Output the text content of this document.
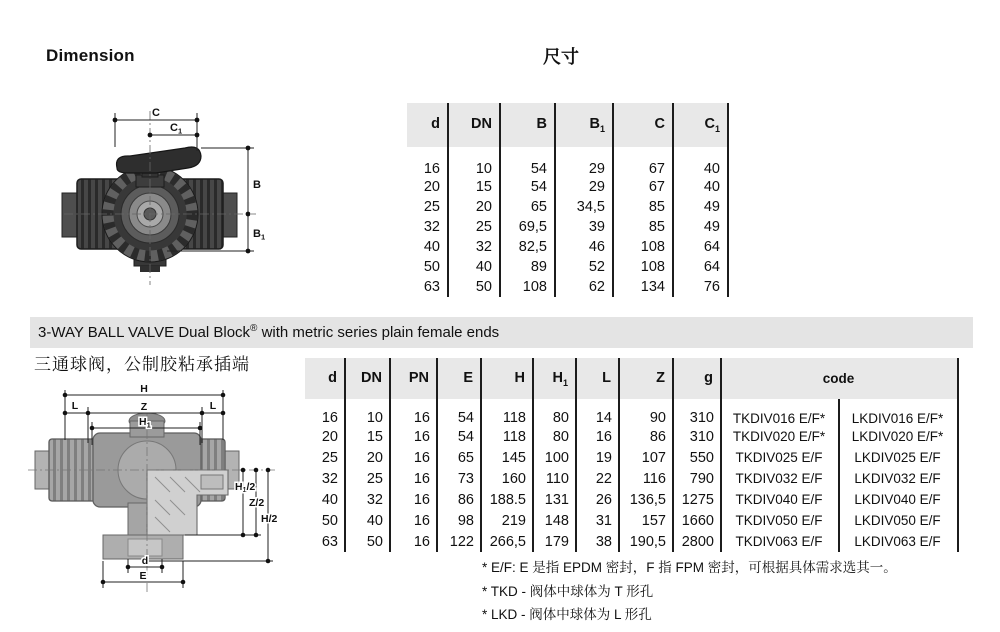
Dimension	尺寸
C
$C_1$
B
$B_1$
d	DN	B	$B_1$	C	$C_1$
16	10	54	29	67	40
20	15	54	29	67	40
25	20	65	34,5	85	49
32	25	69,5	39	85	49
40	32	82,5	46	108	64
50	40	89	52	108	64
63	50	108	62	134	76
3-WAY BALL VALVE Dual Block® with metric series plain female ends
三通球阀，公制胶粘承插端
H
Z
L	L
$H_1$
H1/2
Z/2
H/2
d
E
d	DN	PN	E	H	$H_1$	L	Z	g	code	
16	10	16	54	118	80	14	90	310	TKDIV016 E/F*	LKDIV016 E/F*
20	15	16	54	118	80	16	86	310	TKDIV020 E/F*	LKDIV020 E/F*
25	20	16	65	145	100	19	107	550	TKDIV025 E/F	LKDIV025 E/F
32	25	16	73	160	110	22	116	790	TKDIV032 E/F	LKDIV032 E/F
40	32	16	86	188.5	131	26	136,5	1275	TKDIV040 E/F	LKDIV040 E/F
50	40	16	98	219	148	31	157	1660	TKDIV050 E/F	LKDIV050 E/F
63	50	16	122	266,5	179	38	190,5	2800	TKDIV063 E/F	LKDIV063 E/F
* E/F: E 是指 EPDM 密封，F 指 FPM 密封，可根据具体需求选其一。
* TKD - 阀体中球体为 T 形孔
* LKD - 阀体中球体为 L 形孔
